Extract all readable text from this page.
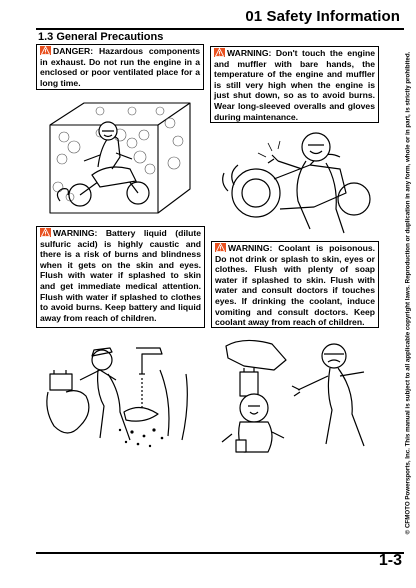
01 Safety Information
1.3 General Precautions
DANGER: Hazardous components in exhaust. Do not run the engine in a enclosed or poor ventilated place for a long time.
WARNING: Don't touch the engine and muffler with bare hands, the temperature of the engine and muffler is still very high when the engine is just shut down, so as to avoid burns. Wear long-sleeved overalls and gloves during maintenance.
WARNING: Battery liquid (dilute sulfuric acid) is highly caustic and there is a risk of burns and blindness when it gets on the skin and eyes. Flush with water if splashed to skin and get immediate medical attention. Flush with water if splashed to clothes to avoid burns. Keep battery and liquid away from reach of children.
WARNING: Coolant is poisonous. Do not drink or splash to skin, eyes or clothes. Flush with plenty of soap water if splashed to skin. Flush with water and consult doctors if touches eyes. If drinking the coolant, induce vomiting and consult doctors. Keep coolant away from reach of children.	© CFMOTO Powersports, Inc. This manual is subject to all applicable copyright laws. Reproduction or duplication in any form, whole or in part, is strictly prohibited.
1-3
